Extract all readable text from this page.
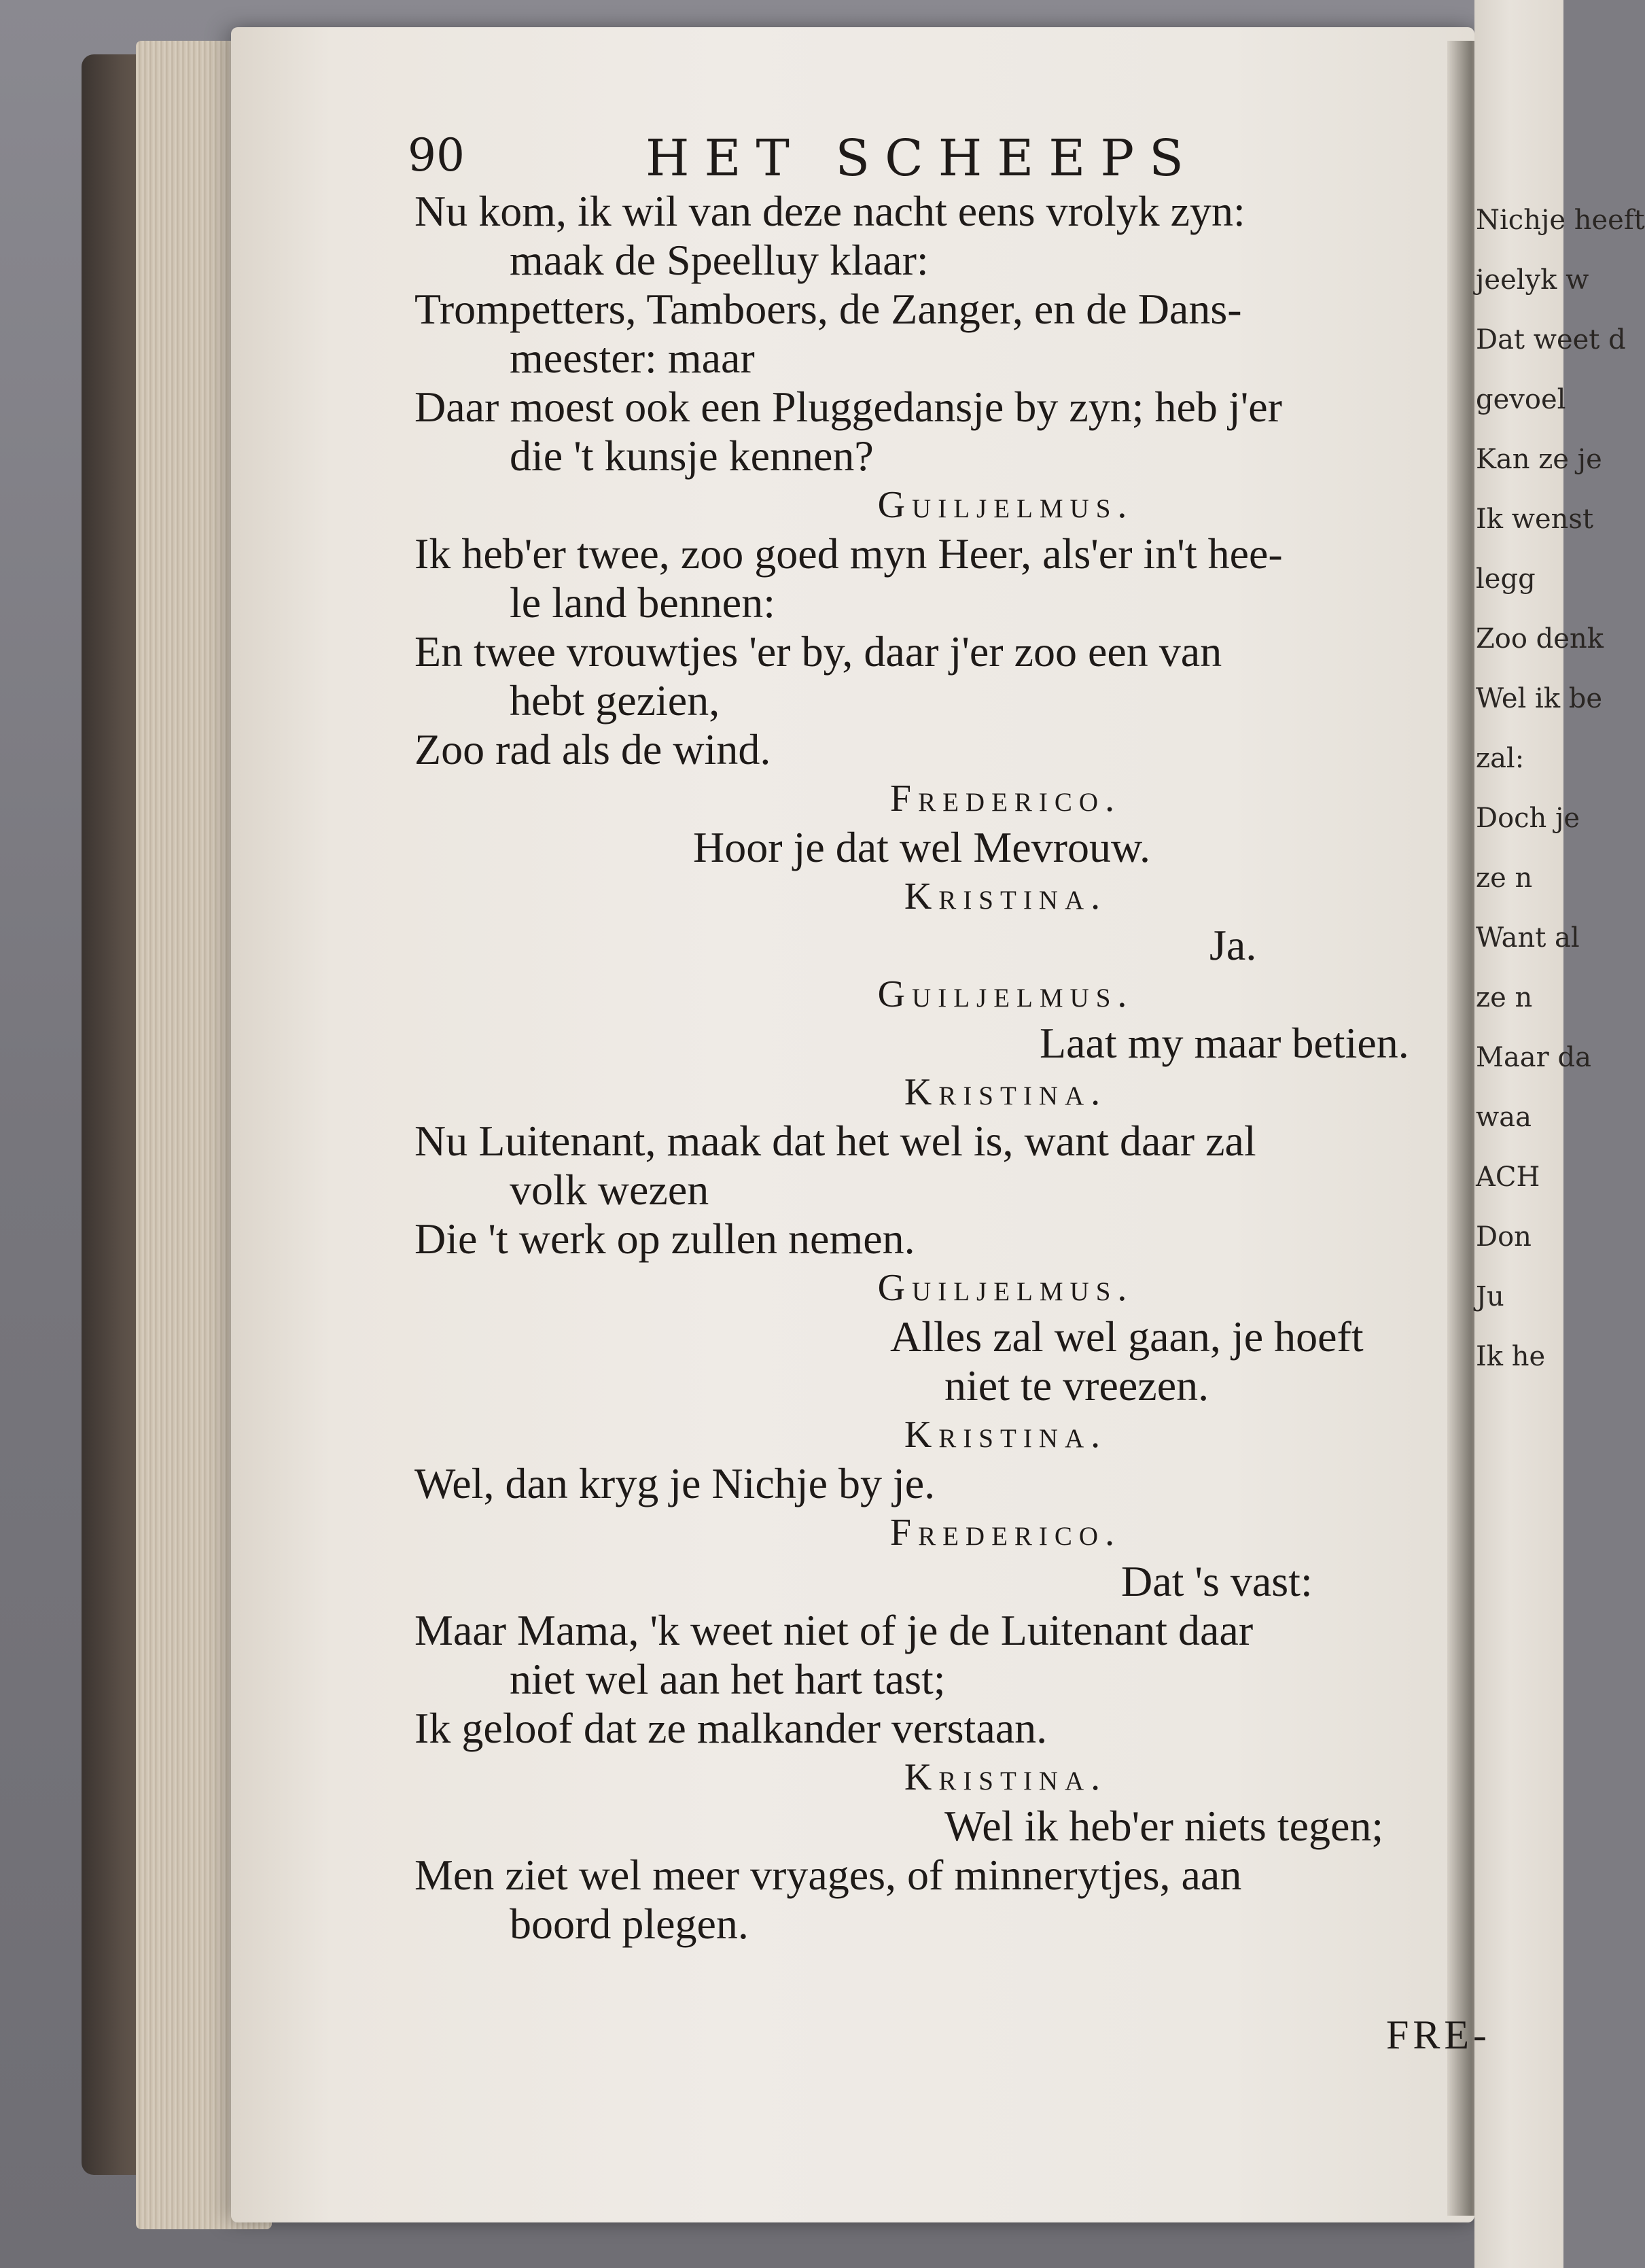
Nichje heeft
jeelyk w
Dat weet d
gevoel
Kan ze je
Ik wenst
legg
Zoo denk
Wel ik be
zal:
Doch je
ze n
Want al
ze n
Maar da
waa
ACH
Don
Ju
Ik he
90	HET SCHEEPS
Nu kom, ik wil van deze nacht eens vrolyk zyn:
maak de Speelluy klaar:
Trompetters, Tamboers, de Zanger, en de Dans-
meester: maar
Daar moest ook een Pluggedansje by zyn; heb j'er
die 't kunsje kennen?
Guiljelmus.
Ik heb'er twee, zoo goed myn Heer, als'er in't hee-
le land bennen:
En twee vrouwtjes 'er by, daar j'er zoo een van
hebt gezien,
Zoo rad als de wind.
Frederico.
Hoor je dat wel Mevrouw.
Kristina.
Ja.
Guiljelmus.
Laat my maar betien.
Kristina.
Nu Luitenant, maak dat het wel is, want daar zal
volk wezen
Die 't werk op zullen nemen.
Guiljelmus.
Alles zal wel gaan, je hoeft
niet te vreezen.
Kristina.
Wel, dan kryg je Nichje by je.
Frederico.
Dat 's vast:
Maar Mama, 'k weet niet of je de Luitenant daar
niet wel aan het hart tast;
Ik geloof dat ze malkander verstaan.
Kristina.
Wel ik heb'er niets tegen;
Men ziet wel meer vryages, of minnerytjes, aan
boord plegen.
FRE-
